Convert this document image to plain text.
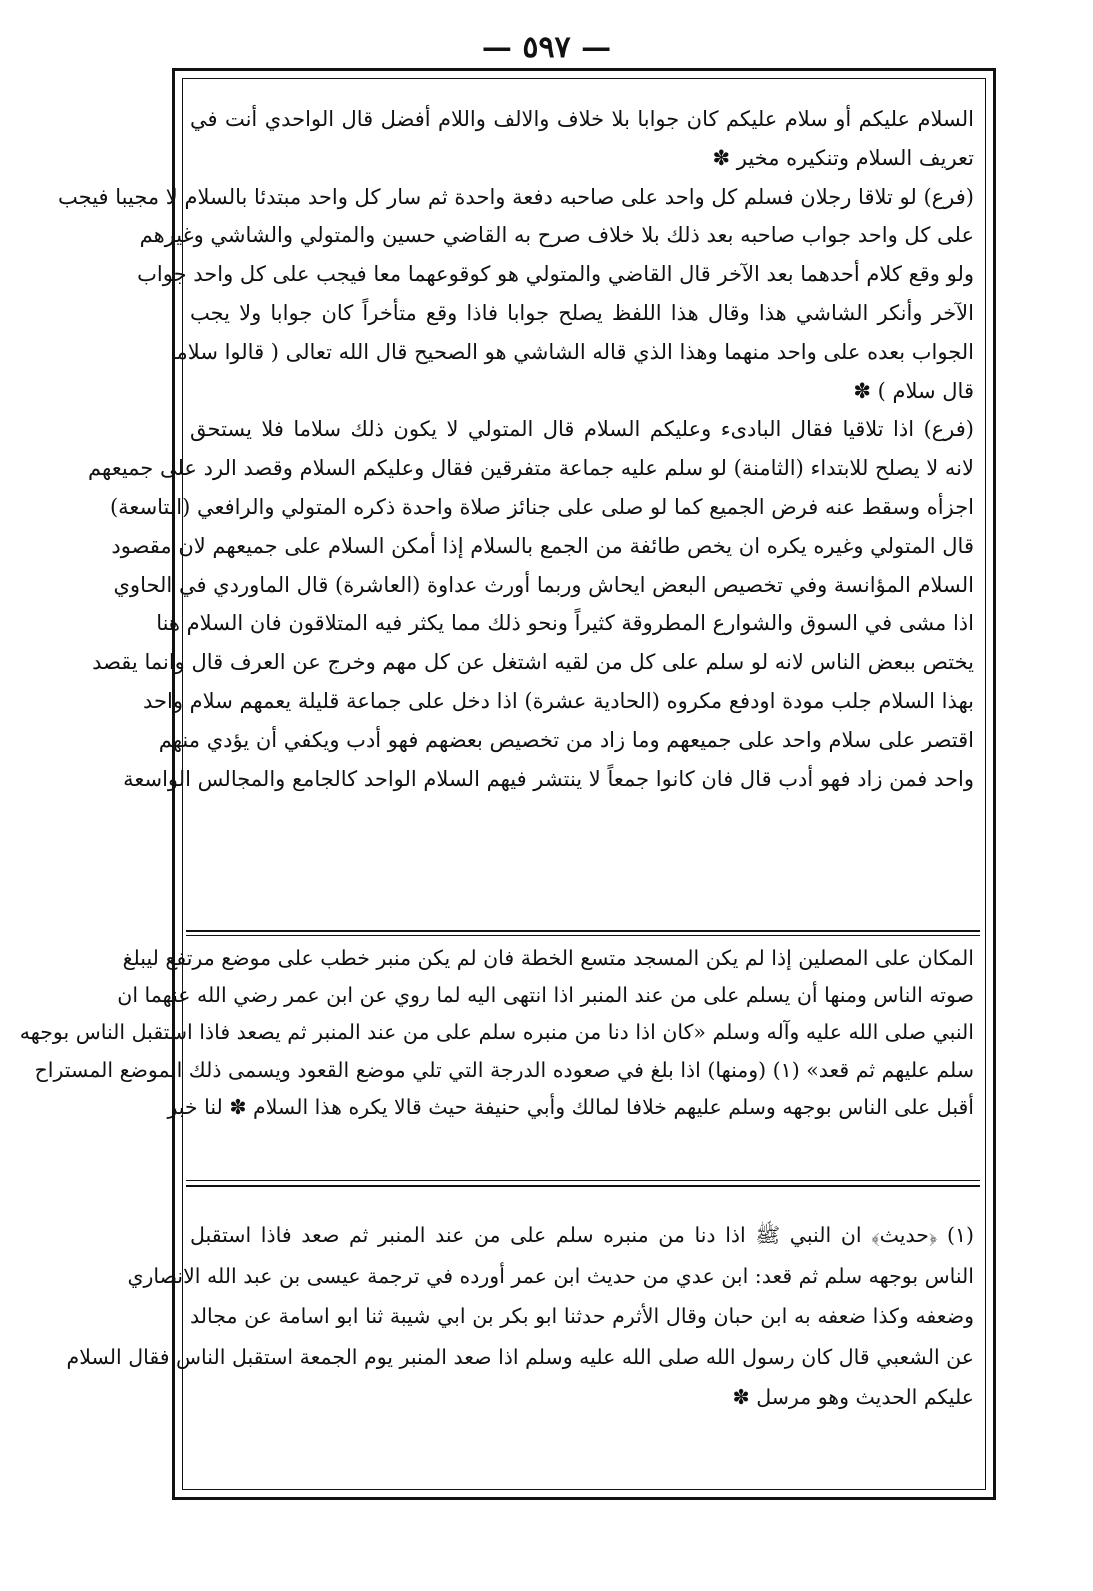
— ٥٩٧ —
السلام عليكم أو سلام عليكم كان جوابا بلا خلاف والالف واللام أفضل قال الواحدي أنت في
تعريف السلام وتنكيره مخير ✽
(فرع) لو تلاقا رجلان فسلم كل واحد على صاحبه دفعة واحدة ثم سار كل واحد مبتدئا بالسلام لا مجيبا فيجب
على كل واحد جواب صاحبه بعد ذلك بلا خلاف صرح به القاضي حسين والمتولي والشاشي وغيرهم
ولو وقع كلام أحدهما بعد الآخر قال القاضي والمتولي هو كوقوعهما معا فيجب على كل واحد جواب
الآخر وأنكر الشاشي هذا وقال هذا اللفظ يصلح جوابا فاذا وقع متأخراً كان جوابا ولا يجب
الجواب بعده على واحد منهما وهذا الذي قاله الشاشي هو الصحيح قال الله تعالى ( قالوا سلاما
قال سلام ) ✽
(فرع) اذا تلاقيا فقال البادىء وعليكم السلام قال المتولي لا يكون ذلك سلاما فلا يستحق
لانه لا يصلح للابتداء (الثامنة) لو سلم عليه جماعة متفرقين فقال وعليكم السلام وقصد الرد على جميعهم
اجزأه وسقط عنه فرض الجميع كما لو صلى على جنائز صلاة واحدة ذكره المتولي والرافعي (التاسعة)
قال المتولي وغيره يكره ان يخص طائفة من الجمع بالسلام إذا أمكن السلام على جميعهم لان مقصود
السلام المؤانسة وفي تخصيص البعض ايحاش وربما أورث عداوة (العاشرة) قال الماوردي في الحاوي
اذا مشى في السوق والشوارع المطروقة كثيراً ونحو ذلك مما يكثر فيه المتلاقون فان السلام هنا
يختص ببعض الناس لانه لو سلم على كل من لقيه اشتغل عن كل مهم وخرج عن العرف قال وانما يقصد
بهذا السلام جلب مودة اودفع مكروه (الحادية عشرة) اذا دخل على جماعة قليلة يعمهم سلام واحد
اقتصر على سلام واحد على جميعهم وما زاد من تخصيص بعضهم فهو أدب ويكفي أن يؤدي منهم
واحد فمن زاد فهو أدب قال فان كانوا جمعاً لا ينتشر فيهم السلام الواحد كالجامع والمجالس الواسعة
المكان على المصلين إذا لم يكن المسجد متسع الخطة فان لم يكن منبر خطب على موضع مرتفع ليبلغ
صوته الناس ومنها أن يسلم على من عند المنبر اذا انتهى اليه لما روي عن ابن عمر رضي الله عنهما ان
النبي صلى الله عليه وآله وسلم «كان اذا دنا من منبره سلم على من عند المنبر ثم يصعد فاذا استقبل الناس بوجهه
سلم عليهم ثم قعد» (١) (ومنها) اذا بلغ في صعوده الدرجة التي تلي موضع القعود ويسمى ذلك الموضع المستراح
أقبل على الناس بوجهه وسلم عليهم خلافا لمالك وأبي حنيفة حيث قالا يكره هذا السلام ✽ لنا خبر
(١) ﴿حديث﴾ ان النبي ﷺ اذا دنا من منبره سلم على من عند المنبر ثم صعد فاذا استقبل
الناس بوجهه سلم ثم قعد: ابن عدي من حديث ابن عمر أورده في ترجمة عيسى بن عبد الله الانصاري
وضعفه وكذا ضعفه به ابن حبان وقال الأثرم حدثنا ابو بكر بن ابي شيبة ثنا ابو اسامة عن مجالد
عن الشعبي قال كان رسول الله صلى الله عليه وسلم اذا صعد المنبر يوم الجمعة استقبل الناس فقال السلام
عليكم الحديث وهو مرسل ✽
